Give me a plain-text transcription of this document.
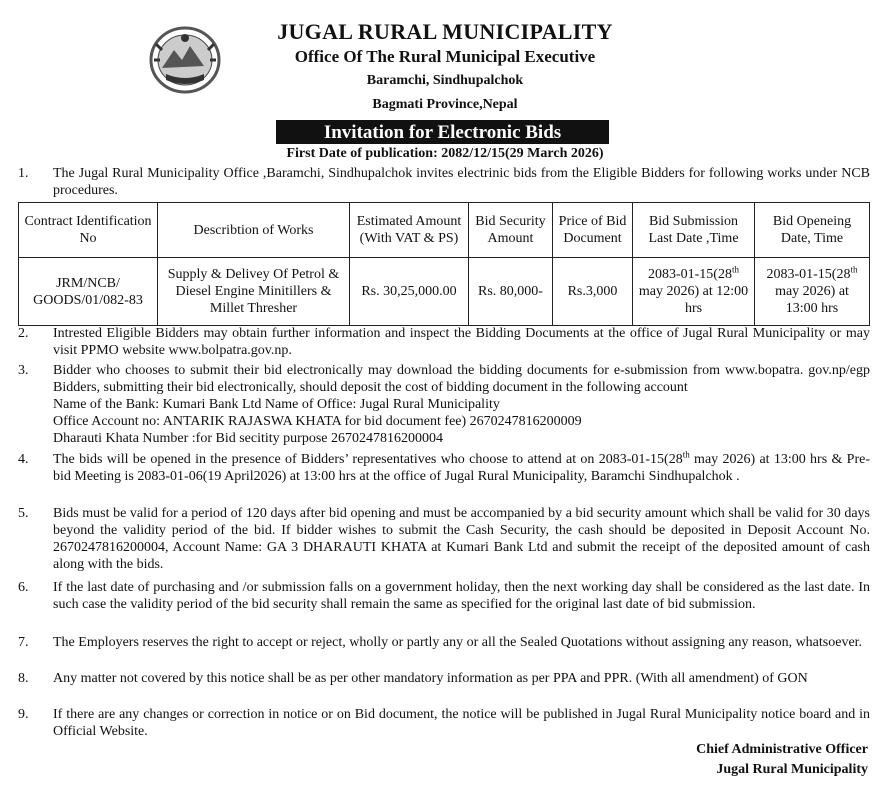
JUGAL RURAL MUNICIPALITY
Office Of The Rural Municipal Executive
Baramchi, Sindhupalchok
Bagmati Province,Nepal
Invitation for Electronic Bids
First Date of publication: 2082/12/15(29 March 2026)
1.	The Jugal Rural Municipality Office ,Baramchi, Sindhupalchok invites electrinic bids from the Eligible Bidders for following works under NCB procedures.
Contract Identification No	Describtion of Works	Estimated Amount (With VAT & PS)	Bid Security Amount	Price of Bid Document	Bid Submission Last Date ,Time	Bid Openeing Date, Time
JRM/NCB/ GOODS/01/082-83	Supply & Delivey Of Petrol & Diesel Engine Minitillers & Millet Thresher	Rs. 30,25,000.00	Rs. 80,000-	Rs.3,000	2083-01-15(28th may 2026) at 12:00 hrs	2083-01-15(28th may 2026) at 13:00 hrs
2.	Intrested Eligible Bidders may obtain further information and inspect the Bidding Documents at the office of Jugal Rural Municipality or may visit PPMO website www.bolpatra.gov.np.
3.	Bidder who chooses to submit their bid electronically may download the bidding documents for e-submission from www.bopatra. gov.np/egp Bidders, submitting their bid electronically, should deposit the cost of bidding document in the following account
Name of the Bank: Kumari Bank Ltd Name of Office: Jugal Rural Municipality
Office Account no: ANTARIK RAJASWA KHATA for bid document fee) 2670247816200009
Dharauti Khata Number :for Bid secitity purpose 2670247816200004
4.	The bids will be opened in the presence of Bidders’ representatives who choose to attend at on 2083-01-15(28th may 2026) at 13:00 hrs & Pre- bid Meeting is 2083-01-06(19 April2026) at 13:00 hrs at the office of Jugal Rural Municipality, Baramchi Sindhupalchok .
5.	Bids must be valid for a period of 120 days after bid opening and must be accompanied by a bid security amount which shall be valid for 30 days beyond the validity period of the bid. If bidder wishes to submit the Cash Security, the cash should be deposited in Deposit Account No. 2670247816200004, Account Name: GA 3 DHARAUTI KHATA at Kumari Bank Ltd and submit the receipt of the deposited amount of cash along with the bids.
6.	If the last date of purchasing and /or submission falls on a government holiday, then the next working day shall be considered as the last date. In such case the validity period of the bid security shall remain the same as specified for the original last date of bid submission.
7.	The Employers reserves the right to accept or reject, wholly or partly any or all the Sealed Quotations without assigning any reason, whatsoever.
8.	Any matter not covered by this notice shall be as per other mandatory information as per PPA and PPR. (With all amendment) of GON
9.	If there are any changes or correction in notice or on Bid document, the notice will be published in Jugal Rural Municipality notice board and in Official Website.
Chief Administrative Officer
Jugal Rural Municipality
